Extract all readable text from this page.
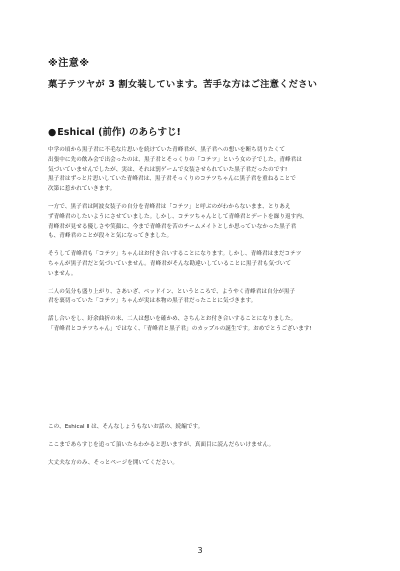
※注意※
菓子テツヤが 3 割女装しています。苦手な方はご注意ください
●Eshical (前作) のあらすじ!
中学の頃から黒子君に不毛な片思いを続けていた青峰君が、黒子君への想いを断ち切りたくて
出張中に先の飲み会で出会ったのは、黒子君とそっくりの「コテツ」という女の子でした。青峰君は
気づいていませんでしたが、実は、それは罰ゲームで女装させられていた黒子君だったのです!
黒子君はずっと片思いしていた青峰君は、黒子君そっくりのコテツちゃんに黒子君を重ねることで
次第に惹かれていきます。
一方で、黒子君は阿波女装子の自分を青峰君は「コテツ」と呼ぶのがわからないまま、とりあえ
ず青峰君のしたいようにさせていました。しかし、コテツちゃんとして青峰君とデートを繰り返す内、
青峰君が見せる優しさや笑顔に、今まで青峰君を苦のチームメイトとしか思っていなかった黒子君
も、青峰君のことが段々と気になってきました。
そうして青峰君も「コテツ」ちゃんはお付き合いすることになります。しかし、青峰君はまだコテツ
ちゃんが黒子君だと気づいていません。青峰君がそんな勘違いしていることに黒子君も気づいて
いません。
二人の気分も盛り上がり、さあいざ、ベッドイン、というところで、ようやく青峰君は自分が黒子
君を裏切っていた「コテツ」ちゃんが実は本物の黒子君だったことに気づきます。
話し合いをし、紆余曲折の末、二人は想いを確かめ、さちんとお付き合いすることになりました。
「青峰君とコテツちゃん」ではなく、「青峰君と黒子君」のカップルの誕生です。おめでとうございます!
この、Eshical Ⅱ は、そんなしょうもないお話の、続編です。
ここまであらすじを追って頂いたらわかると思いますが、真面目に読んだらいけません。
大丈夫な方のみ、そっとページを開いてください。
3
